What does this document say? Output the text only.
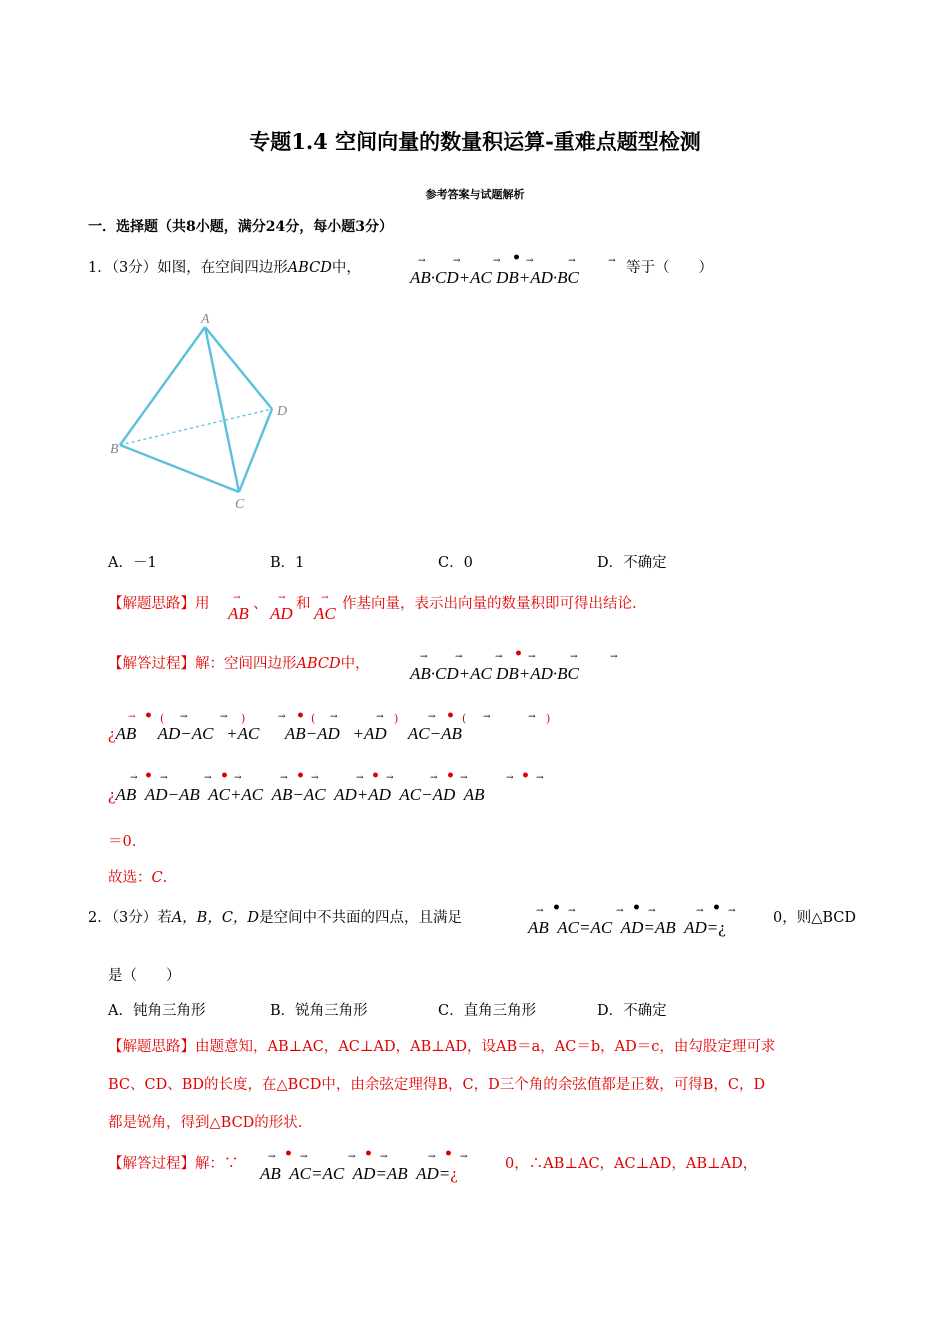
专题1.4 空间向量的数量积运算-重难点题型检测
参考答案与试题解析
一．选择题（共8小题，满分24分，每小题3分）
1．（3分）如图，在空间四边形ABCD中，	→	→	→ • →	→	→
AB·CD+AC DB+AD·BC	等于（　　）
A
B
C
D
A．－1	B．1	C．0	D．不确定
【解题思路】用 AB 、 AD 和 AC 作基向量，表示出向量的数量积即可得出结论.
→	→	→
【解答过程】解：空间四边形ABCD中，	→	→	→ • →	→	→
AB·CD+AC DB+AD·BC
→ • ( →	→ )	→ • ( →	→ )	→ • ( →	→ )
¿AB     AD−AC   +AC      AB−AD   +AD     AC−AB
→ • →	→ • →	→ • →	→ • →	→ • →	→ • →
¿AB  AD−AB  AC+AC  AB−AC  AD+AD  AC−AD  AB
＝0.
故选：C.
2．（3分）若A，B，C，D是空间中不共面的四点，且满足	→ • →	→ • →	→ • →
AB  AC=AC  AD=AB  AD=¿	0，则△BCD
是（　　）
A．钝角三角形	B．锐角三角形	C．直角三角形	D．不确定
【解题思路】由题意知，AB⊥AC，AC⊥AD，AB⊥AD，设AB＝a，AC＝b，AD＝c，由勾股定理可求
BC、CD、BD的长度，在△BCD中，由余弦定理得B，C，D三个角的余弦值都是正数，可得B，C，D
都是锐角，得到△BCD的形状.
【解答过程】解：∵	→ • →	→ • →	→ • →
AB  AC=AC  AD=AB  AD=¿	0，∴AB⊥AC，AC⊥AD，AB⊥AD，
